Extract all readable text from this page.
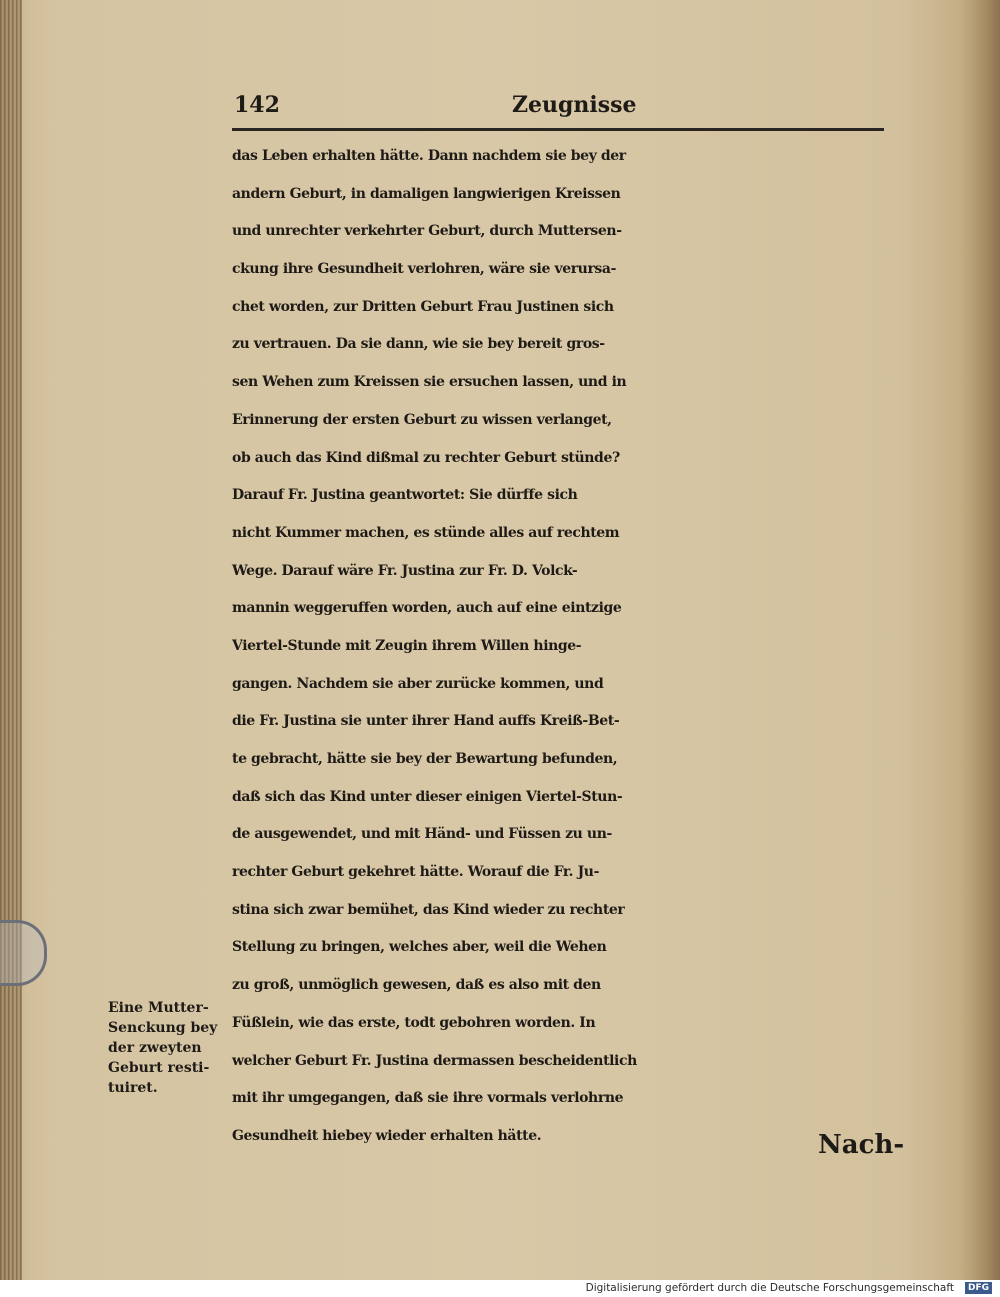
142	Zeugnisse
das Leben erhalten hätte. Dann nachdem sie bey der
andern Geburt, in damaligen langwierigen Kreissen
und unrechter verkehrter Geburt, durch Muttersen-
ckung ihre Gesundheit verlohren, wäre sie verursa-
chet worden, zur Dritten Geburt Frau Justinen sich
zu vertrauen. Da sie dann, wie sie bey bereit gros-
sen Wehen zum Kreissen sie ersuchen lassen, und in
Erinnerung der ersten Geburt zu wissen verlanget,
ob auch das Kind dißmal zu rechter Geburt stünde?
Darauf Fr. Justina geantwortet: Sie dürffe sich
nicht Kummer machen, es stünde alles auf rechtem
Wege. Darauf wäre Fr. Justina zur Fr. D. Volck-
mannin weggeruffen worden, auch auf eine eintzige
Viertel-Stunde mit Zeugin ihrem Willen hinge-
gangen. Nachdem sie aber zurücke kommen, und
die Fr. Justina sie unter ihrer Hand auffs Kreiß-Bet-
te gebracht, hätte sie bey der Bewartung befunden,
daß sich das Kind unter dieser einigen Viertel-Stun-
de ausgewendet, und mit Händ- und Füssen zu un-
rechter Geburt gekehret hätte. Worauf die Fr. Ju-
stina sich zwar bemühet, das Kind wieder zu rechter
Stellung zu bringen, welches aber, weil die Wehen
zu groß, unmöglich gewesen, daß es also mit den
Füßlein, wie das erste, todt gebohren worden. In
welcher Geburt Fr. Justina dermassen bescheidentlich
mit ihr umgegangen, daß sie ihre vormals verlohrne
Gesundheit hiebey wieder erhalten hätte.
Eine Mutter-
Senckung bey
der zweyten
Geburt resti-
tuiret.
Nach-
Digitalisierung gefördert durch die Deutsche Forschungsgemeinschaft	DFG
